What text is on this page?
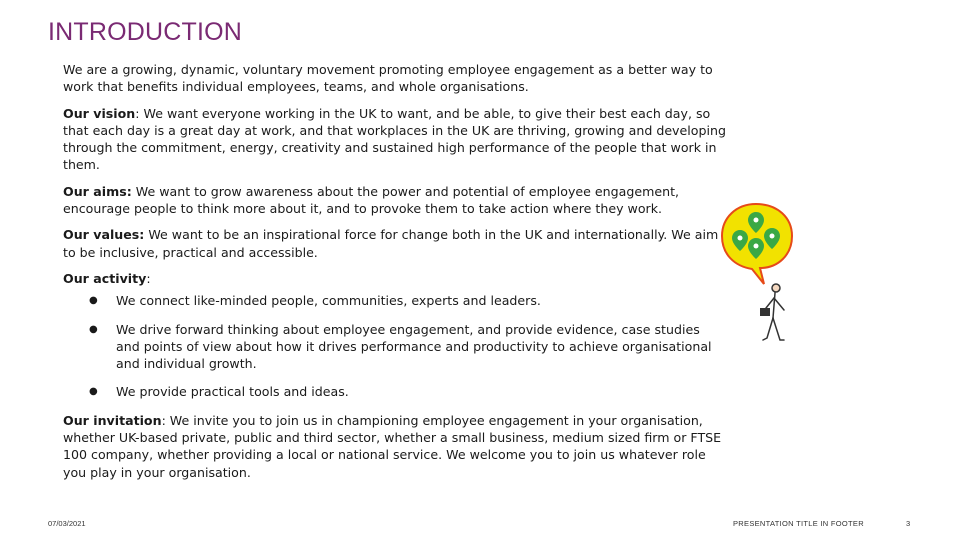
INTRODUCTION

We are a growing, dynamic, voluntary movement promoting employee engagement as a better way to work that benefits individual employees, teams, and whole organisations.

Our vision: We want everyone working in the UK to want, and be able, to give their best each day, so that each day is a great day at work, and that workplaces in the UK are thriving, growing and developing through the commitment, energy, creativity and sustained high performance of the people that work in them.

Our aims: We want to grow awareness about the power and potential of employee engagement, encourage people to think more about it, and to provoke them to take action where they work.

Our values: We want to be an inspirational force for change both in the UK and internationally. We aim to be inclusive, practical and accessible.

Our activity:

● We connect like-minded people, communities, experts and leaders.
● We drive forward thinking about employee engagement, and provide evidence, case studies and points of view about how it drives performance and productivity to achieve organisational and individual growth.
● We provide practical tools and ideas.

Our invitation: We invite you to join us in championing employee engagement in your organisation, whether UK-based private, public and third sector, whether a small business, medium sized firm or FTSE 100 company, whether providing a local or national service. We welcome you to join us whatever role you play in your organisation.

07/03/2021	PRESENTATION TITLE IN FOOTER	3
